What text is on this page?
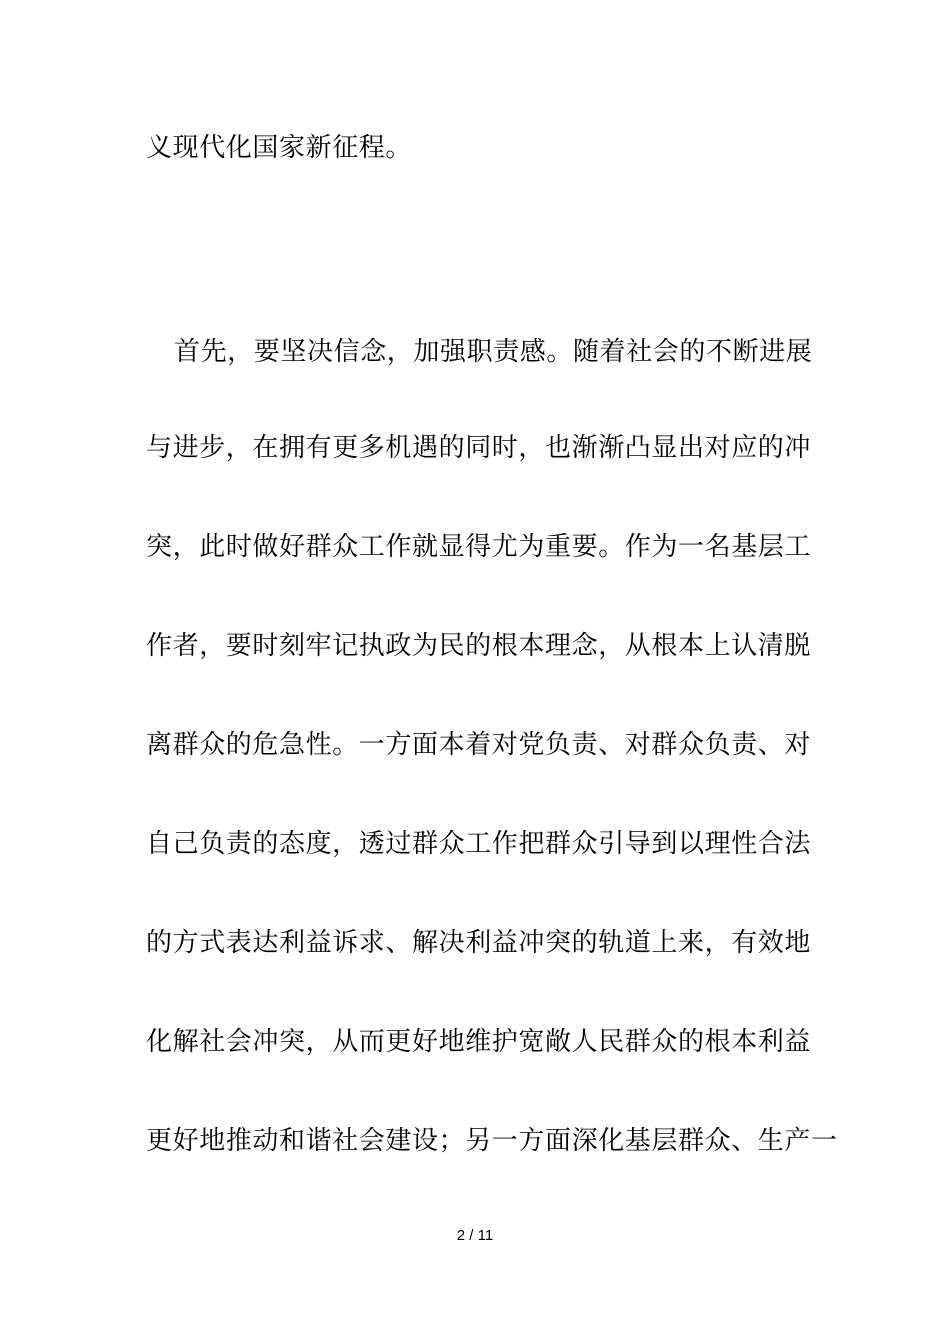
义现代化国家新征程。
首先，要坚决信念，加强职责感。随着社会的不断进展
与进步，在拥有更多机遇的同时，也渐渐凸显出对应的冲
突，此时做好群众工作就显得尤为重要。作为一名基层工
作者，要时刻牢记执政为民的根本理念，从根本上认清脱
离群众的危急性。一方面本着对党负责、对群众负责、对
自己负责的态度，透过群众工作把群众引导到以理性合法
的方式表达利益诉求、解决利益冲突的轨道上来，有效地
化解社会冲突，从而更好地维护宽敞人民群众的根本利益
更好地推动和谐社会建设；另一方面深化基层群众、生产一
2 / 11
